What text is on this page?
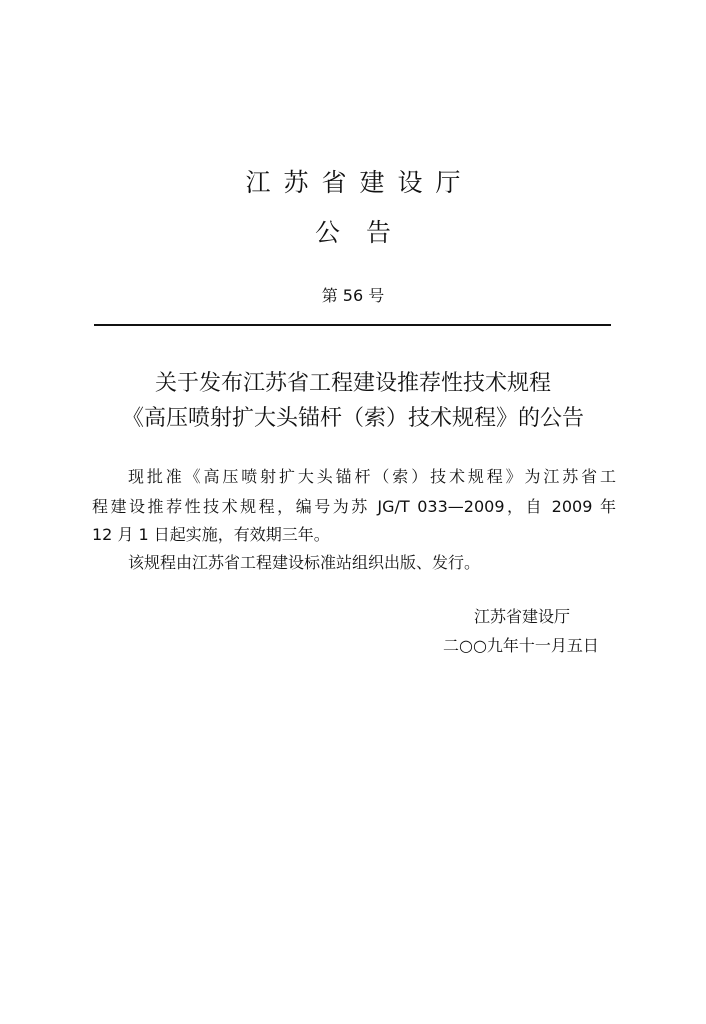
江苏省建设厅
公告
第 56 号
关于发布江苏省工程建设推荐性技术规程
《高压喷射扩大头锚杆（索）技术规程》的公告
现批准《高压喷射扩大头锚杆（索）技术规程》为江苏省工
程建设推荐性技术规程，编号为苏 JG/T 033—2009，自 2009 年
12 月 1 日起实施，有效期三年。
该规程由江苏省工程建设标准站组织出版、发行。
江苏省建设厅
二○○九年十一月五日
